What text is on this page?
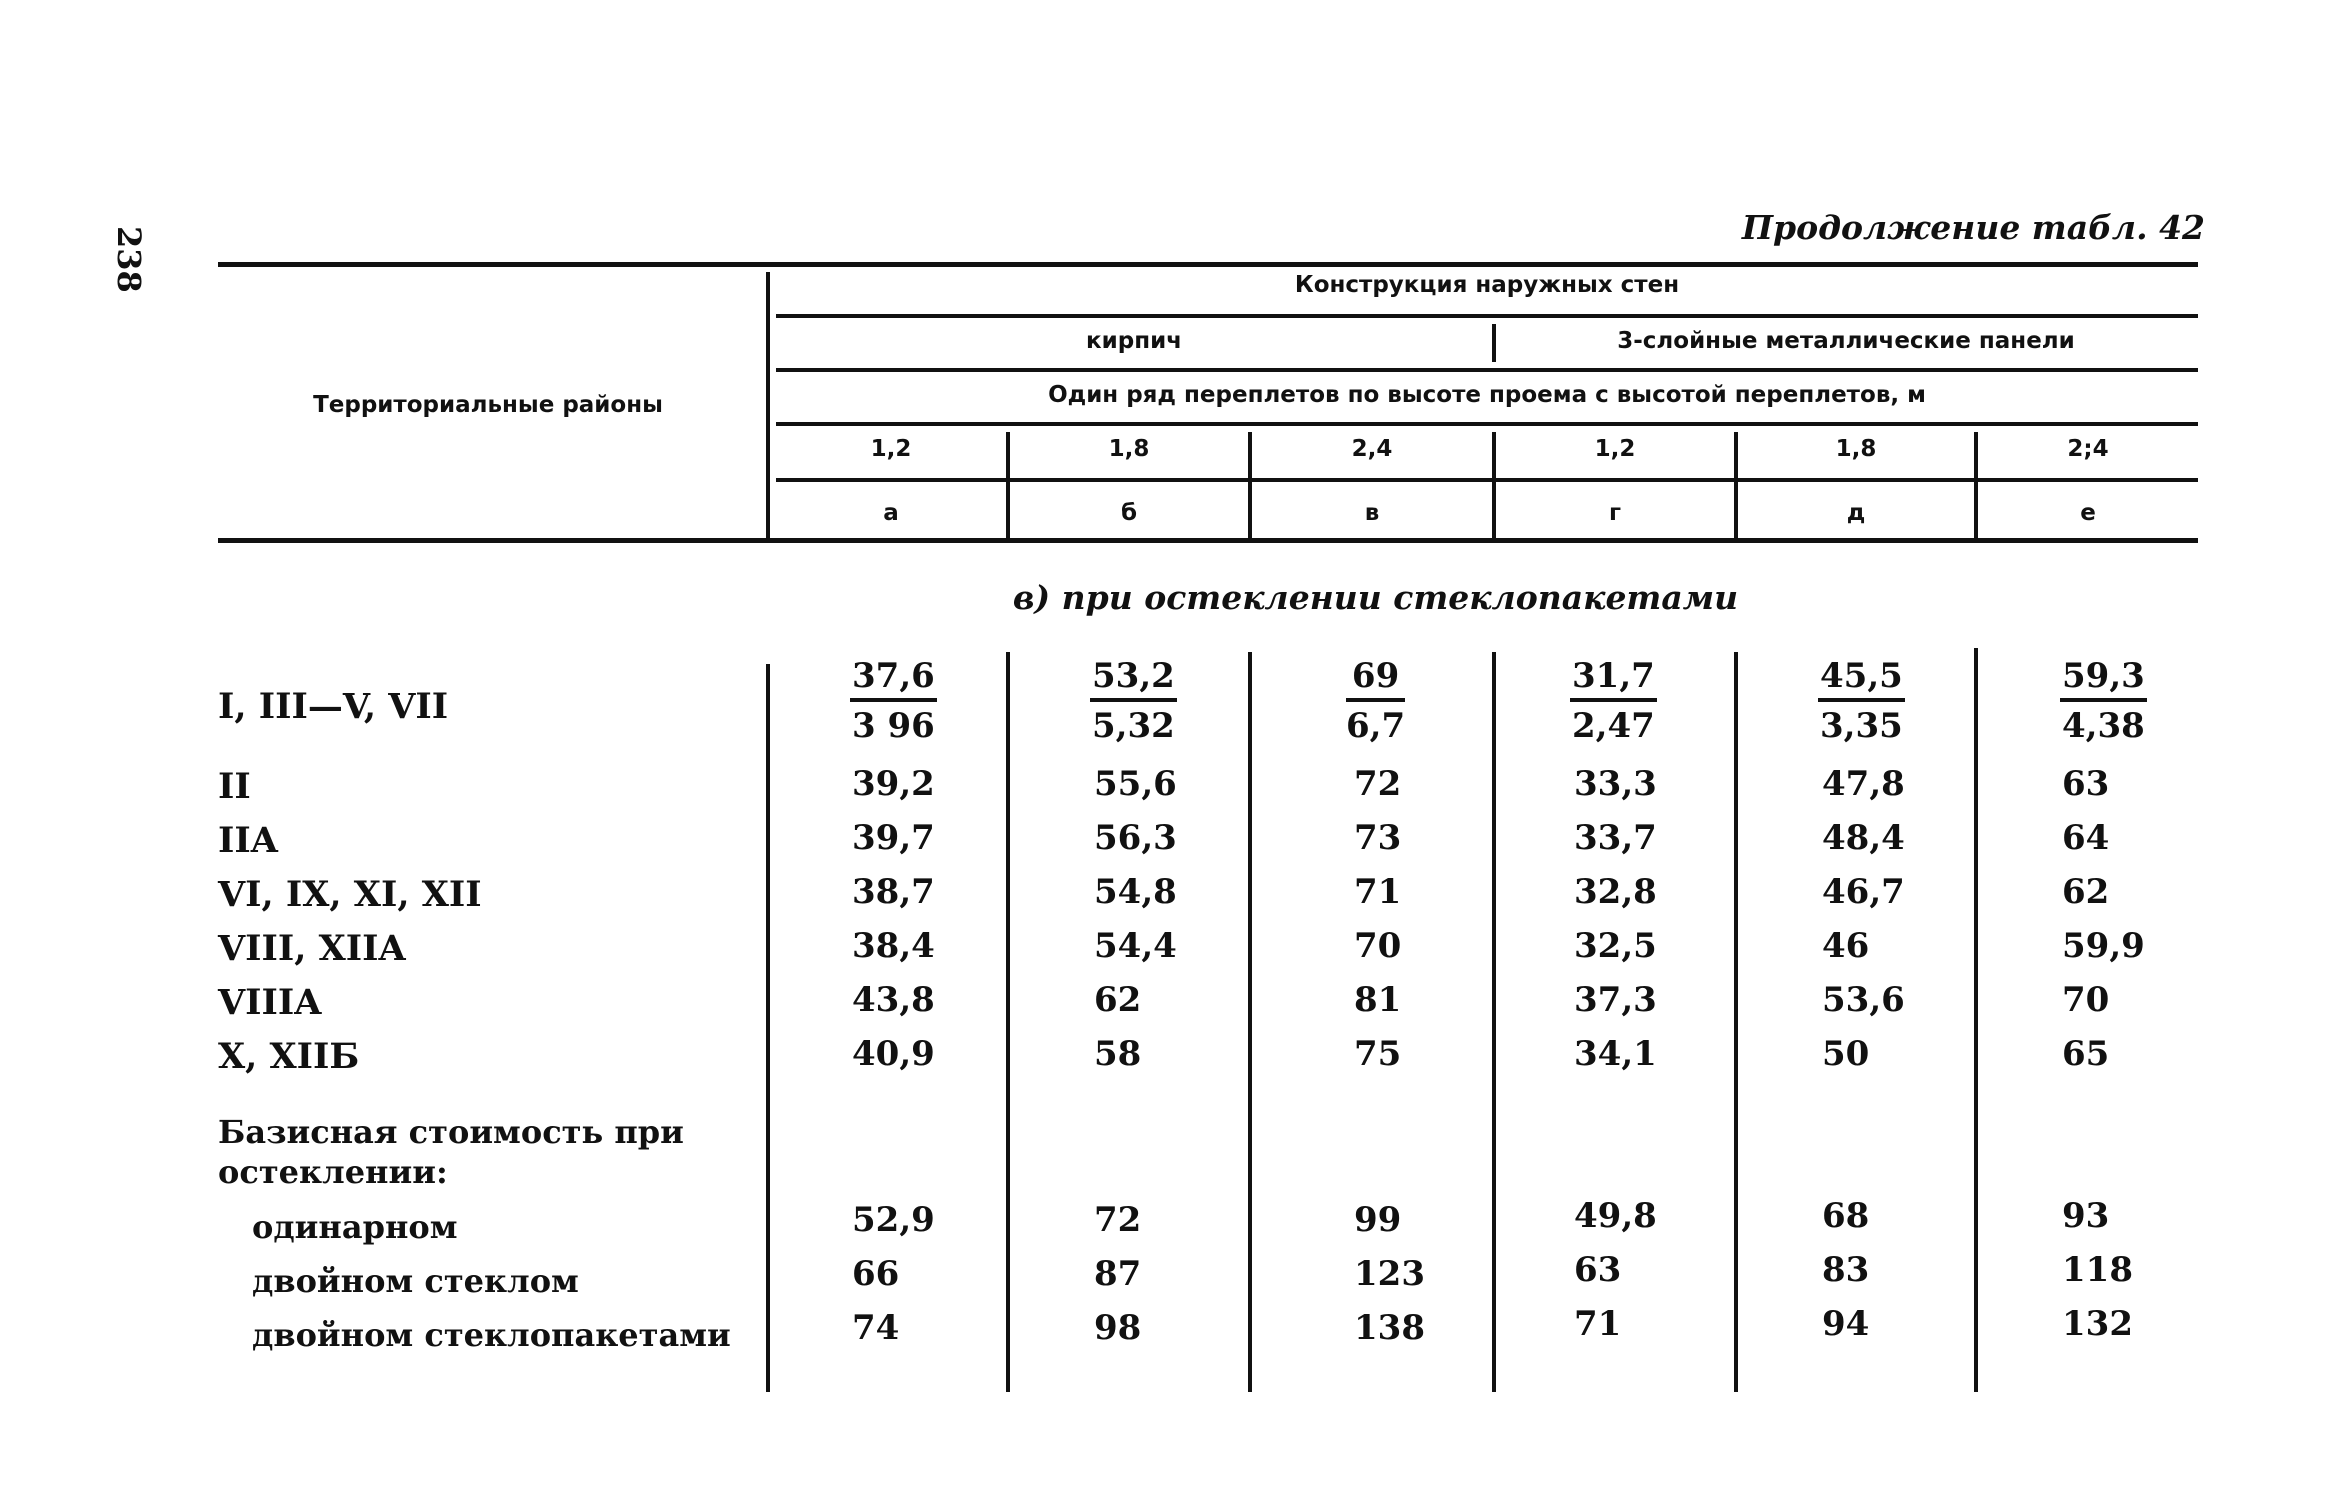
238	Продолжение табл. 42
Территориальные районы
Конструкция наружных стен
кирпич	3-слойные металлические панели
Один ряд переплетов по высоте проема с высотой переплетов, м
1,2	1,8	2,4	1,2	1,8	2;4
а	б	в	г	д	е
в) при остеклении стеклопакетами
I, III—V, VII	$\frac{37,6}{3 96}$	$\frac{53,2}{5,32}$	$\frac{69}{6,7}$	$\frac{31,7}{2,47}$	$\frac{45,5}{3,35}$	$\frac{59,3}{4,38}$
II	39,2	55,6	72	33,3	47,8	63
IIA	39,7	56,3	73	33,7	48,4	64
VI, IX, XI, XII	38,7	54,8	71	32,8	46,7	62
VIII, XIIA	38,4	54,4	70	32,5	46	59,9
VIIIA	43,8	62	81	37,3	53,6	70
X, XIIБ	40,9	58	75	34,1	50	65
Базисная стоимость при остеклении:
одинарном	52,9	72	99	49,8	68	93
двойном стеклом	66	87	123	63	83	118
двойном стеклопакетами	74	98	138	71	94	132
